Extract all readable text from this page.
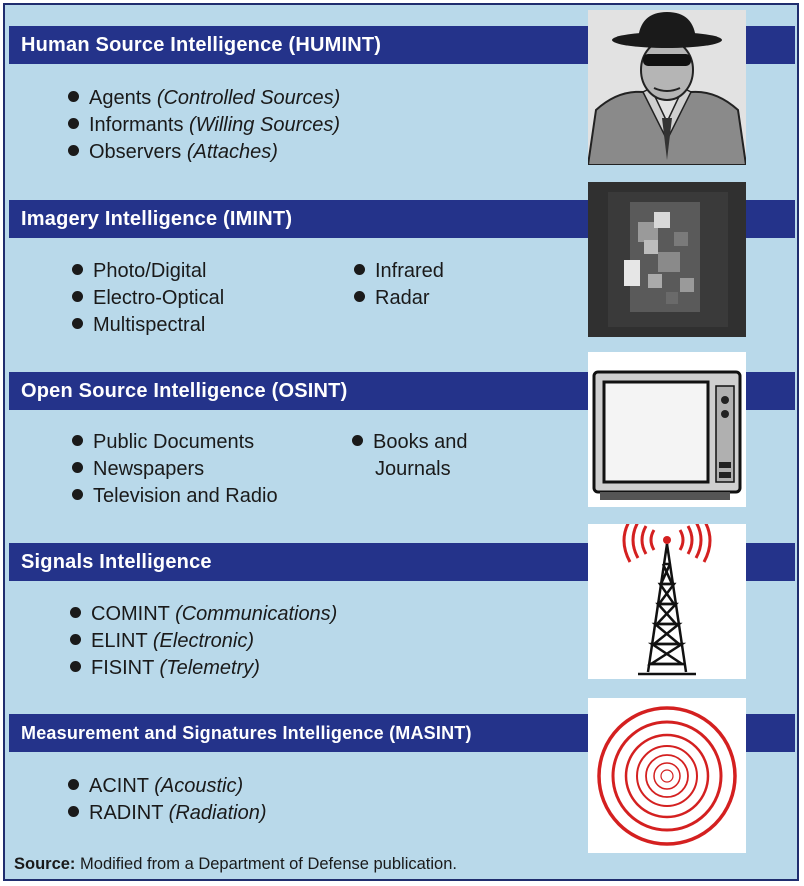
Human Source Intelligence (HUMINT)
Agents (Controlled Sources)
Informants (Willing Sources)
Observers (Attaches)
Imagery Intelligence (IMINT)
Photo/Digital
Electro-Optical
Multispectral
Infrared
Radar
Open Source Intelligence (OSINT)
Public Documents
Newspapers
Television and Radio
Books and
Journals
Signals Intelligence
COMINT (Communications)
ELINT (Electronic)
FISINT (Telemetry)
Measurement and Signatures Intelligence (MASINT)
ACINT (Acoustic)
RADINT (Radiation)
Source: Modified from a Department of Defense publication.
